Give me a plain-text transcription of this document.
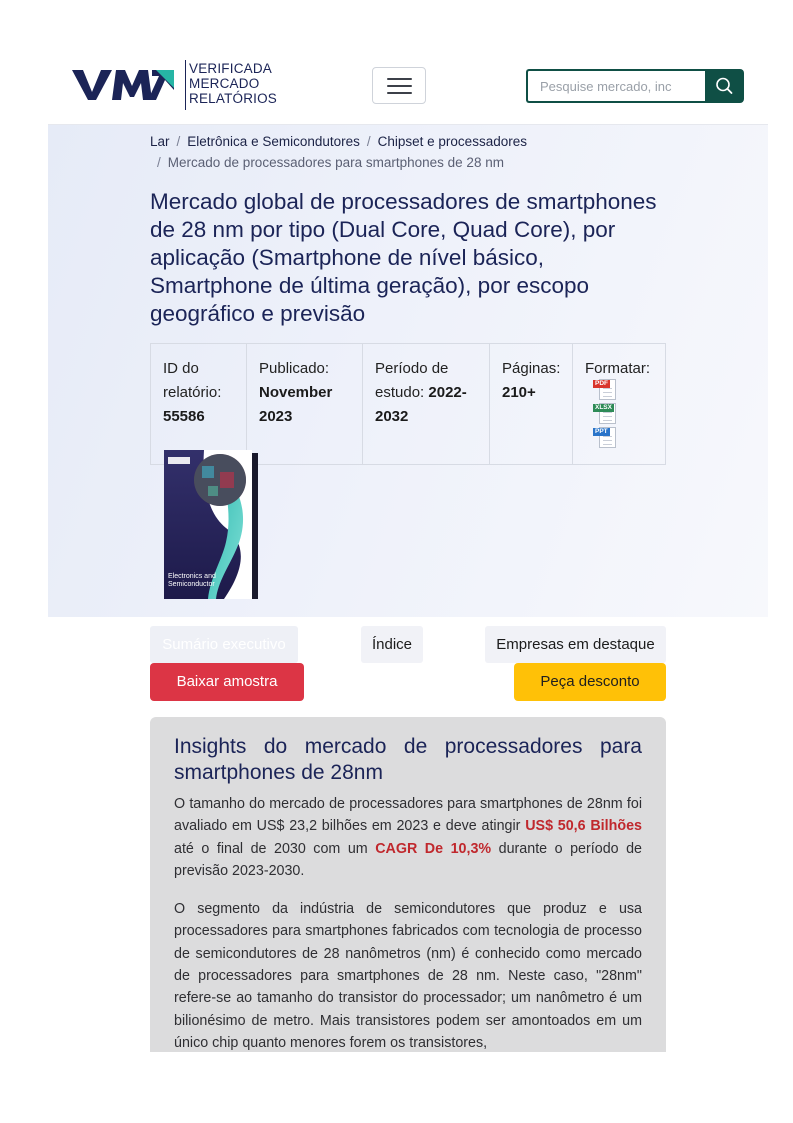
VERIFICADA
MERCADO
RELATÓRIOS
Pesquise mercado, inc
Lar / Eletrônica e Semicondutores / Chipset e processadores
/ Mercado de processadores para smartphones de 28 nm
Mercado global de processadores de smartphones de 28 nm por tipo (Dual Core, Quad Core), por aplicação (Smartphone de nível básico, Smartphone de última geração), por escopo geográfico e previsão
ID do relatório:
55586
Publicado:
November 2023
Período de estudo: 2022-2032
Páginas:
210+
Formatar:
PDF
XLSX
PPT
Electronics and
Semiconductor
Sumário executivo	Índice	Empresas em destaque
Baixar amostra	Peça desconto
Insights do mercado de processadores para
smartphones de 28nm

O tamanho do mercado de processadores para smartphones de 28nm foi avaliado em US$ 23,2 bilhões em 2023 e deve atingir US$ 50,6 Bilhões até o final de 2030 com um CAGR De 10,3% durante o período de previsão 2023-2030.

O segmento da indústria de semicondutores que produz e usa processadores para smartphones fabricados com tecnologia de processo de semicondutores de 28 nanômetros (nm) é conhecido como mercado de processadores para smartphones de 28 nm. Neste caso, "28nm" refere-se ao tamanho do transistor do processador; um nanômetro é um bilionésimo de metro. Mais transistores podem ser amontoados em um único chip quanto menores forem os transistores,
